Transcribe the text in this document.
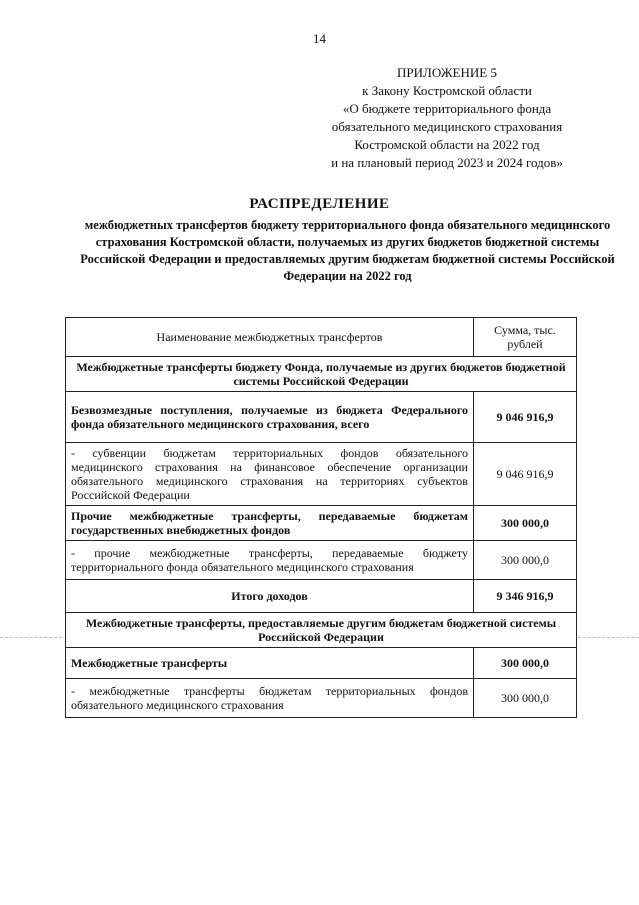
14
ПРИЛОЖЕНИЕ 5
к Закону Костромской области
«О бюджете территориального фонда
обязательного медицинского страхования
Костромской области на 2022 год
и на плановый период 2023 и 2024 годов»
РАСПРЕДЕЛЕНИЕ
межбюджетных трансфертов бюджету территориального фонда обязательного медицинского страхования Костромской области, получаемых из других бюджетов бюджетной системы Российской Федерации и предоставляемых другим бюджетам бюджетной системы Российской Федерации на 2022 год
Наименование межбюджетных трансфертов	Сумма, тыс. рублей
Межбюджетные трансферты бюджету Фонда, получаемые из других бюджетов бюджетной системы Российской Федерации	
Безвозмездные поступления, получаемые из бюджета Федерального фонда обязательного медицинского страхования, всего	9 046 916,9
- субвенции бюджетам территориальных фондов обязательного медицинского страхования на финансовое обеспечение организации обязательного медицинского страхования на территориях субъектов Российской Федерации	9 046 916,9
Прочие межбюджетные трансферты, передаваемые бюджетам государственных внебюджетных фондов	300 000,0
- прочие межбюджетные трансферты, передаваемые бюджету территориального фонда обязательного медицинского страхования	300 000,0
Итого доходов	9 346 916,9
Межбюджетные трансферты, предоставляемые другим бюджетам бюджетной системы Российской Федерации	
Межбюджетные трансферты	300 000,0
- межбюджетные трансферты бюджетам территориальных фондов обязательного медицинского страхования	300 000,0
